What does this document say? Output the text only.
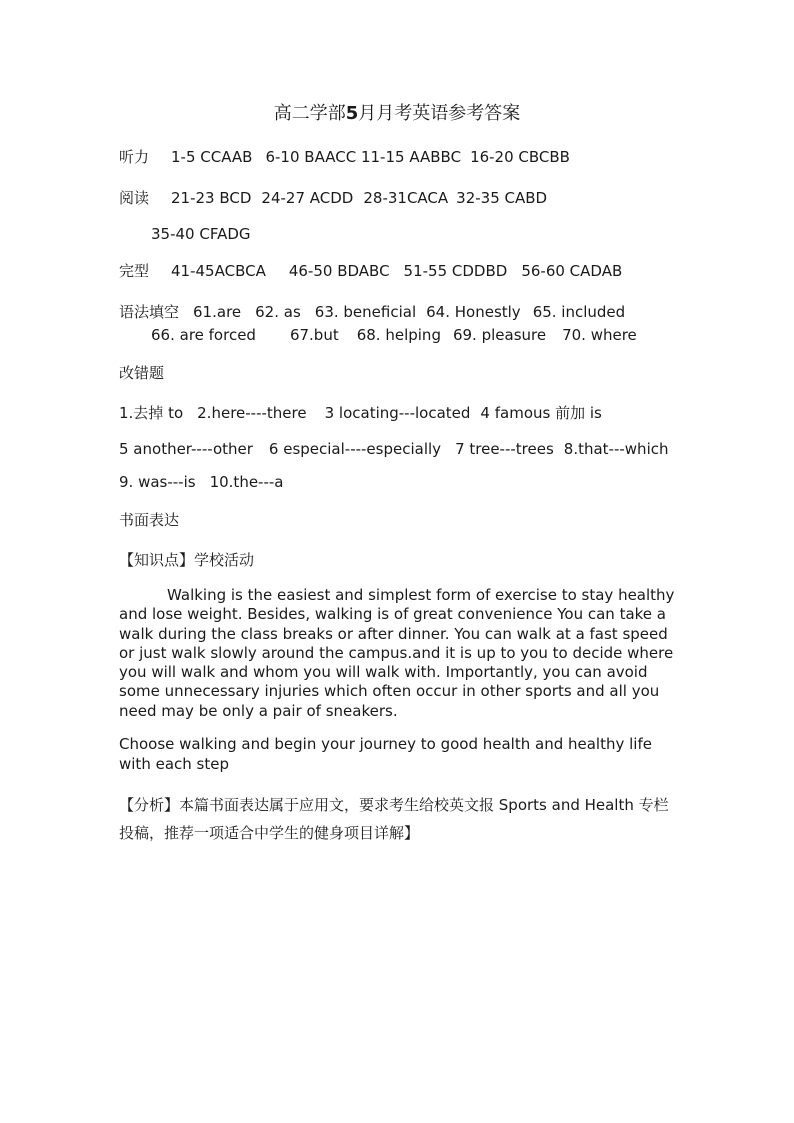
高二学部5月月考英语参考答案
听力 1-5 CCAAB 6-10 BAACC 11-15 AABBC 16-20 CBCBB
阅读 21-23 BCD 24-27 ACDD 28-31CACA 32-35 CABD
35-40 CFADG
完型 41-45ACBCA 46-50 BDABC 51-55 CDDBD 56-60 CADAB
语法填空 61.are 62. as 63. beneficial 64. Honestly 65. included
66. are forced 67.but 68. helping 69. pleasure 70. where
改错题
1.去掉 to 2.here----there 3 locating---located 4 famous 前加 is
5 another----other 6 especial----especially 7 tree---trees 8.that---which
9. was---is 10.the---a
书面表达
【知识点】学校活动

Walking is the easiest and simplest form of exercise to stay healthy and lose weight. Besides, walking is of great convenience You can take a walk during the class breaks or after dinner. You can walk at a fast speed or just walk slowly around the campus.and it is up to you to decide where you will walk and whom you will walk with. Importantly, you can avoid some unnecessary injuries which often occur in other sports and all you need may be only a pair of sneakers.

Choose walking and begin your journey to good health and healthy life with each step
【分析】本篇书面表达属于应用文，要求考生给校英文报 Sports and Health 专栏投稿，推荐一项适合中学生的健身项目详解】
